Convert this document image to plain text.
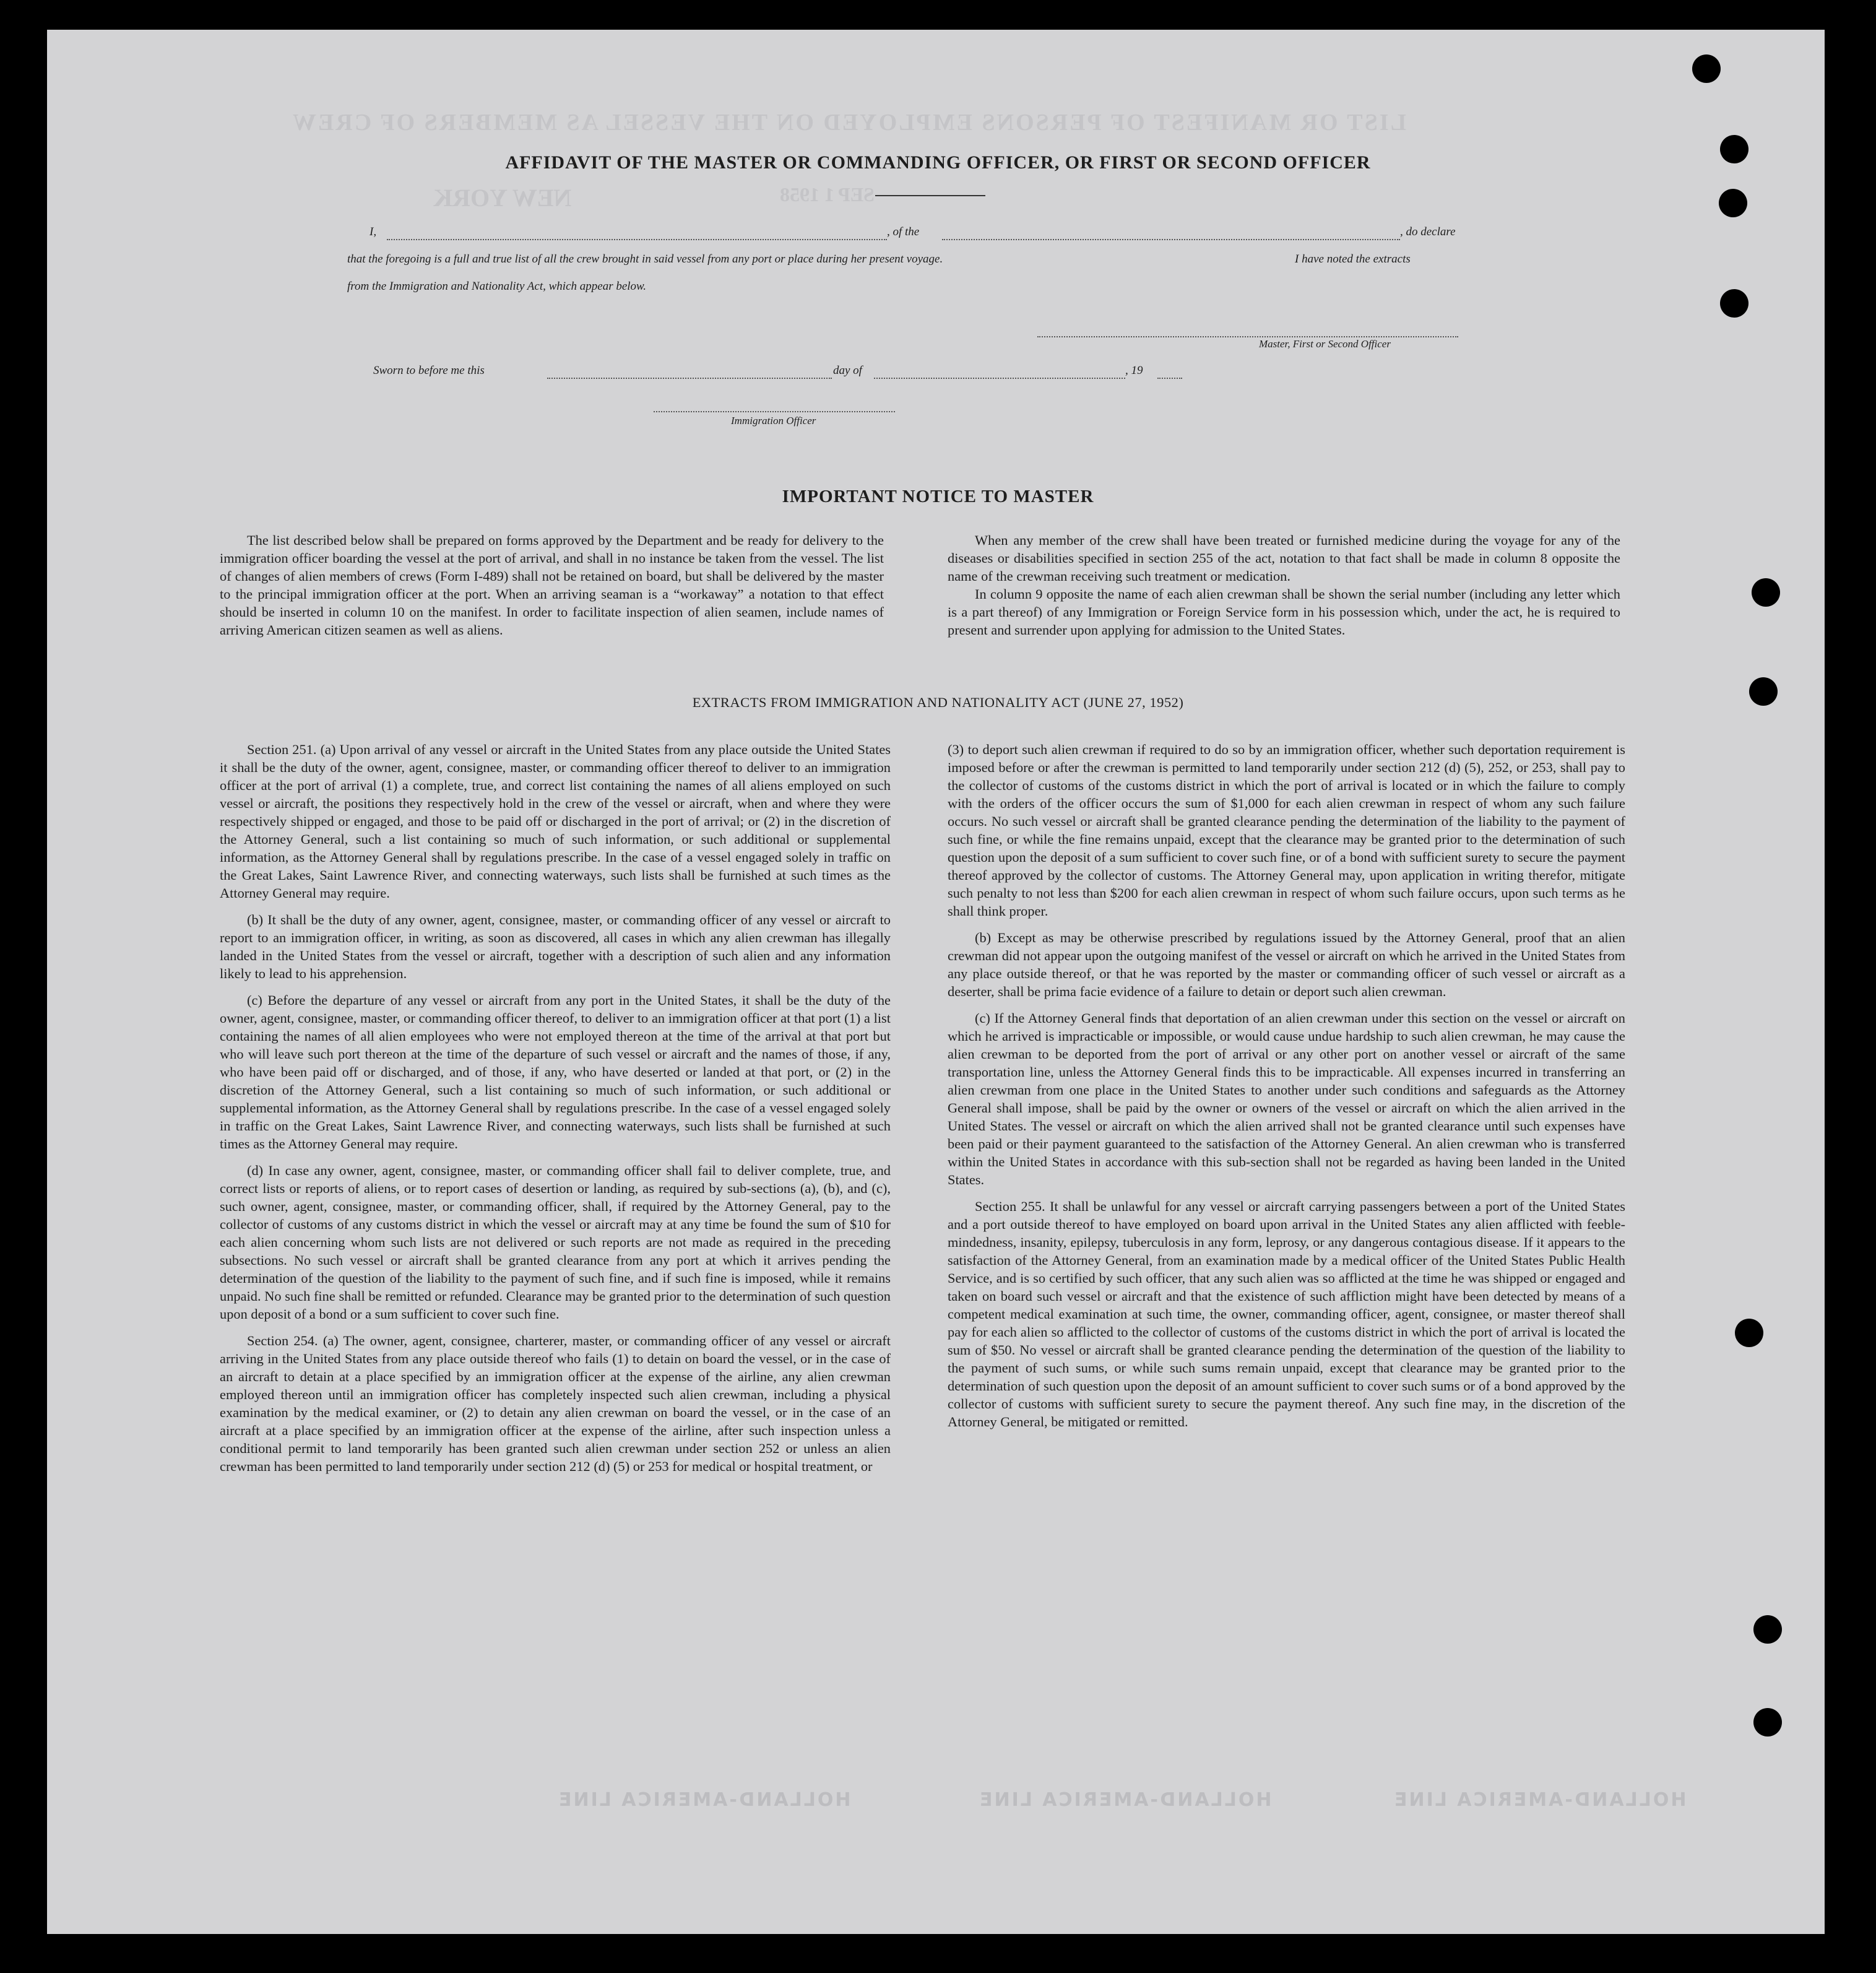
LIST OR MANIFEST OF PERSONS EMPLOYED ON THE VESSEL AS MEMBERS OF CREW
NEW YORK	SEP 1 1958
AFFIDAVIT OF THE MASTER OR COMMANDING OFFICER, OR FIRST OR SECOND OFFICER
I,	, of the	, do declare
that the foregoing is a full and true list of all the crew brought in said vessel from any port or place during her present voyage.	I have noted the extracts
from the Immigration and Nationality Act, which appear below.
Master, First or Second Officer
Sworn to before me this	day of	, 19
Immigration Officer
IMPORTANT NOTICE TO MASTER

The list described below shall be prepared on forms approved by the Department and be ready for delivery to the immigration officer boarding the vessel at the port of arrival, and shall in no instance be taken from the vessel. The list of changes of alien members of crews (Form I-489) shall not be retained on board, but shall be delivered by the master to the principal immigration officer at the port. When an arriving seaman is a “workaway” a notation to that effect should be inserted in column 10 on the manifest. In order to facilitate inspection of alien seamen, include names of arriving American citizen seamen as well as aliens.

When any member of the crew shall have been treated or furnished medicine during the voyage for any of the diseases or disabilities specified in section 255 of the act, notation to that fact shall be made in column 8 opposite the name of the crewman receiving such treatment or medication.

In column 9 opposite the name of each alien crewman shall be shown the serial number (including any letter which is a part thereof) of any Immigration or Foreign Service form in his possession which, under the act, he is required to present and surrender upon applying for admission to the United States.

EXTRACTS FROM IMMIGRATION AND NATIONALITY ACT (JUNE 27, 1952)

Section 251. (a) Upon arrival of any vessel or aircraft in the United States from any place outside the United States it shall be the duty of the owner, agent, consignee, master, or commanding officer thereof to deliver to an immigration officer at the port of arrival (1) a complete, true, and correct list containing the names of all aliens employed on such vessel or aircraft, the positions they respectively hold in the crew of the vessel or aircraft, when and where they were respectively shipped or engaged, and those to be paid off or discharged in the port of arrival; or (2) in the discretion of the Attorney General, such a list containing so much of such information, or such additional or supplemental information, as the Attorney General shall by regulations prescribe. In the case of a vessel engaged solely in traffic on the Great Lakes, Saint Lawrence River, and connecting waterways, such lists shall be furnished at such times as the Attorney General may require.

(b) It shall be the duty of any owner, agent, consignee, master, or commanding officer of any vessel or aircraft to report to an immigration officer, in writing, as soon as discovered, all cases in which any alien crewman has illegally landed in the United States from the vessel or aircraft, together with a description of such alien and any information likely to lead to his apprehension.

(c) Before the departure of any vessel or aircraft from any port in the United States, it shall be the duty of the owner, agent, consignee, master, or commanding officer thereof, to deliver to an immigration officer at that port (1) a list containing the names of all alien employees who were not employed thereon at the time of the arrival at that port but who will leave such port thereon at the time of the departure of such vessel or aircraft and the names of those, if any, who have been paid off or discharged, and of those, if any, who have deserted or landed at that port, or (2) in the discretion of the Attorney General, such a list containing so much of such information, or such additional or supplemental information, as the Attorney General shall by regulations prescribe. In the case of a vessel engaged solely in traffic on the Great Lakes, Saint Lawrence River, and connecting waterways, such lists shall be furnished at such times as the Attorney General may require.

(d) In case any owner, agent, consignee, master, or commanding officer shall fail to deliver complete, true, and correct lists or reports of aliens, or to report cases of desertion or landing, as required by sub-sections (a), (b), and (c), such owner, agent, consignee, master, or commanding officer, shall, if required by the Attorney General, pay to the collector of customs of any customs district in which the vessel or aircraft may at any time be found the sum of $10 for each alien concerning whom such lists are not delivered or such reports are not made as required in the preceding subsections. No such vessel or aircraft shall be granted clearance from any port at which it arrives pending the determination of the question of the liability to the payment of such fine, and if such fine is imposed, while it remains unpaid. No such fine shall be remitted or refunded. Clearance may be granted prior to the determination of such question upon deposit of a bond or a sum sufficient to cover such fine.

Section 254. (a) The owner, agent, consignee, charterer, master, or commanding officer of any vessel or aircraft arriving in the United States from any place outside thereof who fails (1) to detain on board the vessel, or in the case of an aircraft to detain at a place specified by an immigration officer at the expense of the airline, any alien crewman employed thereon until an immigration officer has completely inspected such alien crewman, including a physical examination by the medical examiner, or (2) to detain any alien crewman on board the vessel, or in the case of an aircraft at a place specified by an immigration officer at the expense of the airline, after such inspection unless a conditional permit to land temporarily has been granted such alien crewman under section 252 or unless an alien crewman has been permitted to land temporarily under section 212 (d) (5) or 253 for medical or hospital treatment, or

(3) to deport such alien crewman if required to do so by an immigration officer, whether such deportation requirement is imposed before or after the crewman is permitted to land temporarily under section 212 (d) (5), 252, or 253, shall pay to the collector of customs of the customs district in which the port of arrival is located or in which the failure to comply with the orders of the officer occurs the sum of $1,000 for each alien crewman in respect of whom any such failure occurs. No such vessel or aircraft shall be granted clearance pending the determination of the liability to the payment of such fine, or while the fine remains unpaid, except that the clearance may be granted prior to the determination of such question upon the deposit of a sum sufficient to cover such fine, or of a bond with sufficient surety to secure the payment thereof approved by the collector of customs. The Attorney General may, upon application in writing therefor, mitigate such penalty to not less than $200 for each alien crewman in respect of whom such failure occurs, upon such terms as he shall think proper.

(b) Except as may be otherwise prescribed by regulations issued by the Attorney General, proof that an alien crewman did not appear upon the outgoing manifest of the vessel or aircraft on which he arrived in the United States from any place outside thereof, or that he was reported by the master or commanding officer of such vessel or aircraft as a deserter, shall be prima facie evidence of a failure to detain or deport such alien crewman.

(c) If the Attorney General finds that deportation of an alien crewman under this section on the vessel or aircraft on which he arrived is impracticable or impossible, or would cause undue hardship to such alien crewman, he may cause the alien crewman to be deported from the port of arrival or any other port on another vessel or aircraft of the same transportation line, unless the Attorney General finds this to be impracticable. All expenses incurred in transferring an alien crewman from one place in the United States to another under such conditions and safeguards as the Attorney General shall impose, shall be paid by the owner or owners of the vessel or aircraft on which the alien arrived in the United States. The vessel or aircraft on which the alien arrived shall not be granted clearance until such expenses have been paid or their payment guaranteed to the satisfaction of the Attorney General. An alien crewman who is transferred within the United States in accordance with this sub-section shall not be regarded as having been landed in the United States.

Section 255. It shall be unlawful for any vessel or aircraft carrying passengers between a port of the United States and a port outside thereof to have employed on board upon arrival in the United States any alien afflicted with feeble-mindedness, insanity, epilepsy, tuberculosis in any form, leprosy, or any dangerous contagious disease. If it appears to the satisfaction of the Attorney General, from an examination made by a medical officer of the United States Public Health Service, and is so certified by such officer, that any such alien was so afflicted at the time he was shipped or engaged and taken on board such vessel or aircraft and that the existence of such affliction might have been detected by means of a competent medical examination at such time, the owner, commanding officer, agent, consignee, or master thereof shall pay for each alien so afflicted to the collector of customs of the customs district in which the port of arrival is located the sum of $50. No vessel or aircraft shall be granted clearance pending the determination of the question of the liability to the payment of such sums, or while such sums remain unpaid, except that clearance may be granted prior to the determination of such question upon the deposit of an amount sufficient to cover such sums or of a bond approved by the collector of customs with sufficient surety to secure the payment thereof. Any such fine may, in the discretion of the Attorney General, be mitigated or remitted.

HOLLAND-AMERICA LINE	HOLLAND-AMERICA LINE	HOLLAND-AMERICA LINE
